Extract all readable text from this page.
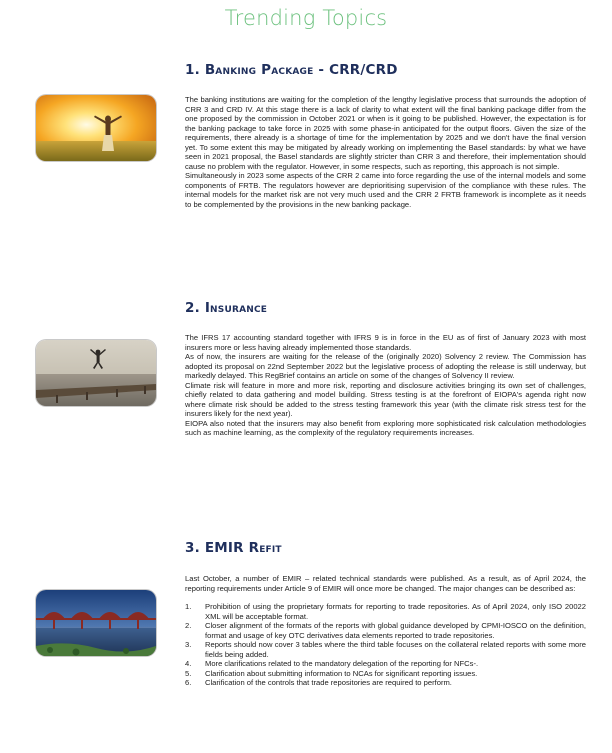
Trending Topics
1. Banking Package - CRR/CRD

The banking institutions are waiting for the completion of the lengthy legislative process that surrounds the adoption of CRR 3 and CRD IV. At this stage there is a lack of clarity to what extent will the final banking package differ from the one proposed by the commission in October 2021 or when is it going to be published. However, the expectation is for the banking package to take force in 2025 with some phase-in anticipated for the output floors. Given the size of the requirements, there already is a shortage of time for the implementation by 2025 and we don't have the final version yet. To some extent this may be mitigated by already working on implementing the Basel standards: by what we have seen in 2021 proposal, the Basel standards are slightly stricter than CRR 3 and therefore, their implementation should cause no problem with the regulator. However, in some respects, such as reporting, this approach is not simple.

Simultaneously in 2023 some aspects of the CRR 2 came into force regarding the use of the internal models and some components of FRTB. The regulators however are deprioritising supervision of the compliance with these rules. The internal models for the market risk are not very much used and the CRR 2 FRTB framework is incomplete as it needs to be complemented by the provisions in the new banking package.

2. Insurance

The IFRS 17 accounting standard together with IFRS 9 is in force in the EU as of first of January 2023 with most insurers more or less having already implemented those standards.

As of now, the insurers are waiting for the release of the (originally 2020) Solvency 2 review. The Commission has adopted its proposal on 22nd September 2022 but the legislative process of adopting the release is still underway, but markedly delayed. This RegBrief contains an article on some of the changes of Solvency II review.

Climate risk will feature in more and more risk, reporting and disclosure activities bringing its own set of challenges, chiefly related to data gathering and model building. Stress testing is at the forefront of EIOPA's agenda right now where climate risk should be added to the stress testing framework this year (with the climate risk stress test for the insurers likely for the next year).

EIOPA also noted that the insurers may also benefit from exploring more sophisticated risk calculation methodologies such as machine learning, as the complexity of the regulatory requirements increases.

3. EMIR Refit

Last October, a number of EMIR – related technical standards were published. As a result, as of April 2024, the reporting requirements under Article 9 of EMIR will once more be changed. The major changes can be described as:

1.	Prohibition of using the proprietary formats for reporting to trade repositories. As of April 2024, only ISO 20022 XML will be acceptable format.
2.	Closer alignment of the formats of the reports with global guidance developed by CPMI-IOSCO on the definition, format and usage of key OTC derivatives data elements reported to trade repositories.
3.	Reports should now cover 3 tables where the third table focuses on the collateral related reports with some more fields being added.
4.	More clarifications related to the mandatory delegation of the reporting for NFCs-.
5.	Clarification about submitting information to NCAs for significant reporting issues.
6.	Clarification of the controls that trade repositories are required to perform.
